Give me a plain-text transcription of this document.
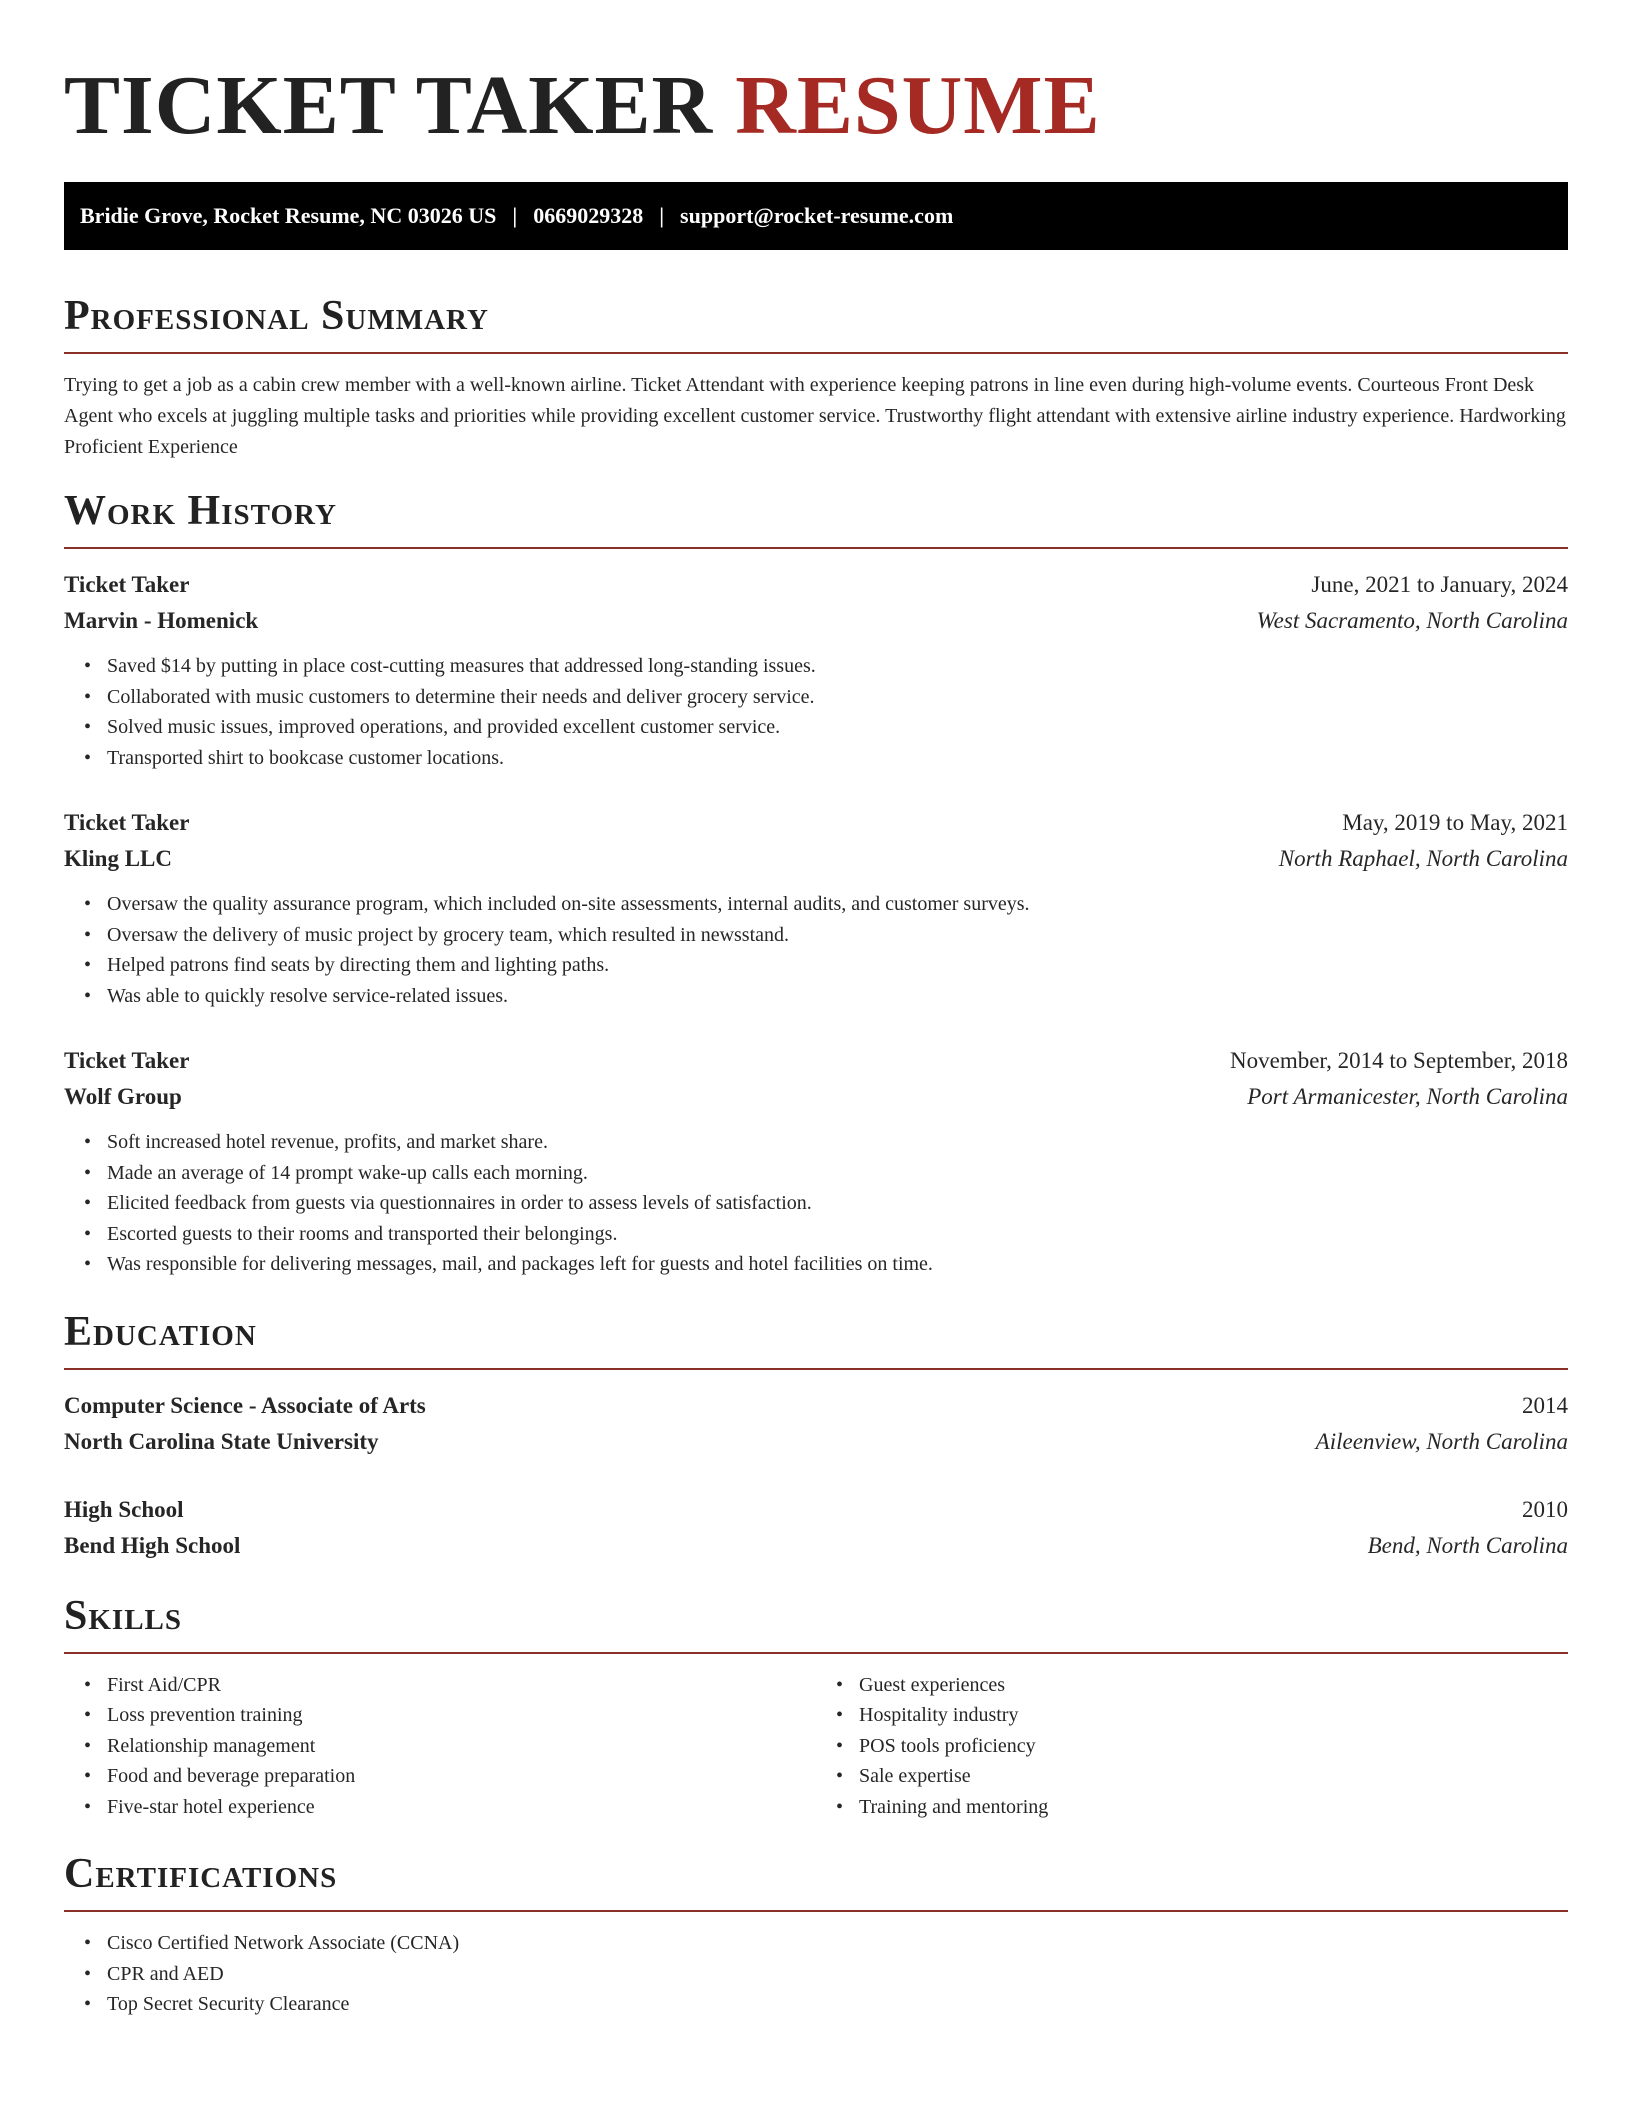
TICKET TAKER RESUME
Bridie Grove, Rocket Resume, NC 03026 US | 0669029328 | support@rocket-resume.com
Professional Summary

Trying to get a job as a cabin crew member with a well-known airline. Ticket Attendant with experience keeping patrons in line even during high-volume events. Courteous Front Desk Agent who excels at juggling multiple tasks and priorities while providing excellent customer service. Trustworthy flight attendant with extensive airline industry experience. Hardworking Proficient Experience

Work History
Ticket Taker	June, 2021 to January, 2024
Marvin - Homenick	West Sacramento, North Carolina
• Saved $14 by putting in place cost-cutting measures that addressed long-standing issues.
• Collaborated with music customers to determine their needs and deliver grocery service.
• Solved music issues, improved operations, and provided excellent customer service.
• Transported shirt to bookcase customer locations.
Ticket Taker	May, 2019 to May, 2021
Kling LLC	North Raphael, North Carolina
• Oversaw the quality assurance program, which included on-site assessments, internal audits, and customer surveys.
• Oversaw the delivery of music project by grocery team, which resulted in newsstand.
• Helped patrons find seats by directing them and lighting paths.
• Was able to quickly resolve service-related issues.
Ticket Taker	November, 2014 to September, 2018
Wolf Group	Port Armanicester, North Carolina
• Soft increased hotel revenue, profits, and market share.
• Made an average of 14 prompt wake-up calls each morning.
• Elicited feedback from guests via questionnaires in order to assess levels of satisfaction.
• Escorted guests to their rooms and transported their belongings.
• Was responsible for delivering messages, mail, and packages left for guests and hotel facilities on time.
Education
Computer Science - Associate of Arts	2014
North Carolina State University	Aileenview, North Carolina
High School	2010
Bend High School	Bend, North Carolina
Skills
• First Aid/CPR
• Loss prevention training
• Relationship management
• Food and beverage preparation
• Five-star hotel experience
• Guest experiences
• Hospitality industry
• POS tools proficiency
• Sale expertise
• Training and mentoring
Certifications
• Cisco Certified Network Associate (CCNA)
• CPR and AED
• Top Secret Security Clearance
